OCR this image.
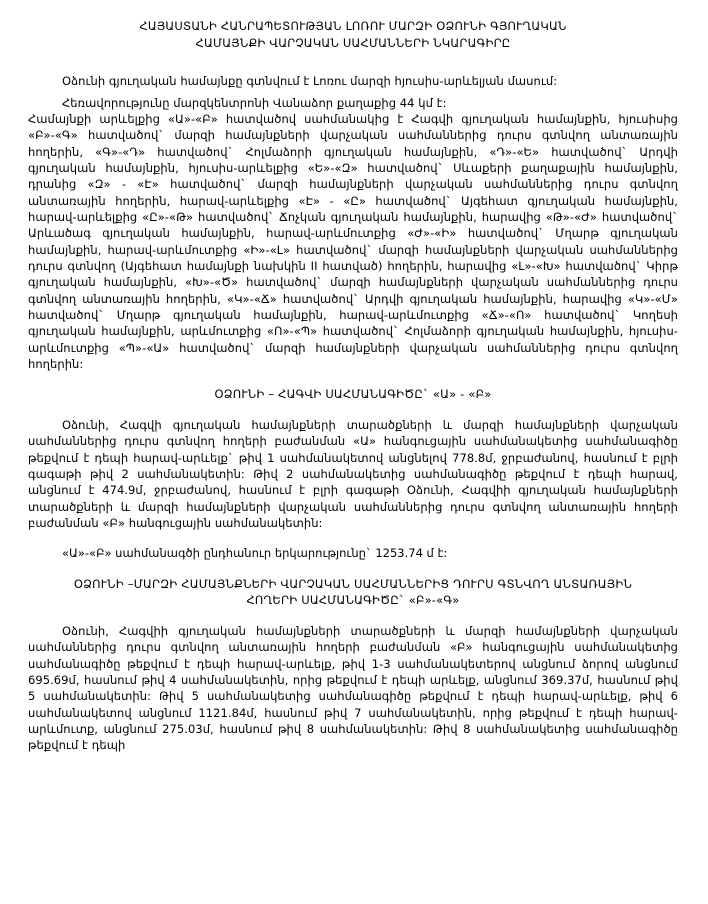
ՀԱՅԱՍՏԱՆԻ ՀԱՆՐԱՊԵՏՈՒԹՅԱՆ ԼՈՌՈՒ ՄԱՐԶԻ ՕՁՈՒՆԻ ԳՅՈՒՂԱԿԱՆ
ՀԱՄԱՅՆՔԻ ՎԱՐՉԱԿԱՆ ՍԱՀՄԱՆՆԵՐԻ ՆԿԱՐԱԳԻՐԸ

Օձունի գյուղական համայնքը գտնվում է Լոռու մարզի հյուսիս-արևելյան մասում:

Հեռավորությունը մարզկենտրոնի Վանաձոր քաղաքից 44 կմ է:

Համայնքի արևելքից «Ա»-«Բ» հատվածով սահմանակից է Հագվի գյուղական համայնքին, հյուսիսից «Բ»-«Գ» հատվածով` մարզի համայնքների վարչական սահմաններից դուրս գտնվող անտառային հողերին, «Գ»-«Դ» հատվածով` Հոլմաձորի գյուղական համայնքին, «Դ»-«Ե» հատվածով` Արդվի գյուղական համայնքին, հյուսիս-արևելքից «Ե»-«Զ» հատվածով` Սևաքերի քաղաքային համայնքին, դրանից «Զ» - «Է» հատվածով` մարզի համայնքների վարչական սահմաններից դուրս գտնվող անտառային հողերին, հարավ-արևելքից «Է» - «Ը» հատվածով` Այգեհատ գյուղական համայնքին, հարավ-արևելքից «Ը»-«Թ» հատվածով` Ճոչկան գյուղական համայնքին, հարավից «Թ»-«Ժ» հատվածով` Արևածագ գյուղական համայնքին, հարավ-արևմուտքից «Ժ»-«Ի» հատվածով` Մղարթ գյուղական համայնքին, հարավ-արևմուտքից «Ի»-«Լ» հատվածով` մարզի համայնքների վարչական սահմաններից դուրս գտնվող (Այգեհատ համայնքի նախկին II հատված) հողերին, հարավից «Լ»-«Խ» հատվածով` Կիրթ գյուղական համայնքին, «Խ»-«Ծ» հատվածով` մարզի համայնքների վարչական սահմաններից դուրս գտնվող անտառային հողերին, «Կ»-«Ճ» հատվածով` Արդվի գյուղական համայնքին, հարավից «Կ»-«Մ» հատվածով` Մղարթ գյուղական համայնքին, հարավ-արևմուտքից «Ճ»-«Ո» հատվածով` Կողեսի գյուղական համայնքին, արևմուտքից «Ո»-«Պ» հատվածով` Հոլմաձորի գյուղական համայնքին, հյուսիս-արևմուտքից «Պ»-«Ա» հատվածով` մարզի համայնքների վարչական սահմաններից դուրս գտնվող հողերին:

ՕՁՈՒՆԻ – ՀԱԳՎԻ ՍԱՀՄԱՆԱԳԻԾԸ` «Ա» - «Բ»

Օձունի, Հագվի գյուղական համայնքների տարածքների և մարզի համայնքների վարչական սահմաններից դուրս գտնվող հողերի բաժանման «Ա» հանգուցային սահմանակետից սահմանագիծը թեքվում է դեպի հարավ-արևելք` թիվ 1 սահմանակետով անցնելով 778.8մ, ջրբաժանով, հասնում է բլրի գագաթի թիվ 2 սահմանակետին: Թիվ 2 սահմանակետից սահմանագիծը թեքվում է դեպի հարավ, անցնում է 474.9մ, ջրբաժանով, հասնում է բլրի գագաթի Օձունի, Հագվիի գյուղական համայնքների տարածքների և մարզի համայնքների վարչական սահմաններից դուրս գտնվող անտառային հողերի բաժանման «Բ» հանգուցային սահմանակետին:

«Ա»-«Բ» սահմանագծի ընդհանուր երկարությունը` 1253.74 մ է:

ՕՁՈՒՆԻ –ՄԱՐԶԻ ՀԱՄԱՅՆՔՆԵՐԻ ՎԱՐՉԱԿԱՆ ՍԱՀՄԱՆՆԵՐԻՑ ԴՈՒՐՍ ԳՏՆՎՈՂ ԱՆՏԱՌԱՅԻՆ
ՀՈՂԵՐԻ ՍԱՀՄԱՆԱԳԻԾԸ` «Բ»-«Գ»

Օձունի, Հագվիի գյուղական համայնքների տարածքների և մարզի համայնքների վարչական սահմաններից դուրս գտնվող անտառային հողերի բաժանման «Բ» հանգուցային սահմանակետից սահմանագիծը թեքվում է դեպի հարավ-արևելք, թիվ 1-3 սահմանակետերով անցնում ձորով անցնում 695.69մ, հասնում թիվ 4 սահմանակետին, որից թեքվում է դեպի արևելք, անցնում 369.37մ, հասնում թիվ 5 սահմանակետին: Թիվ 5 սահմանակետից սահմանագիծը թեքվում է դեպի հարավ-արևելք, թիվ 6 սահմանակետով անցնում 1121.84մ, հասնում թիվ 7 սահմանակետին, որից թեքվում է դեպի հարավ-արևմուտք, անցնում 275.03մ, հասնում թիվ 8 սահմանակետին: Թիվ 8 սահմանակետից սահմանագիծը թեքվում է դեպի
